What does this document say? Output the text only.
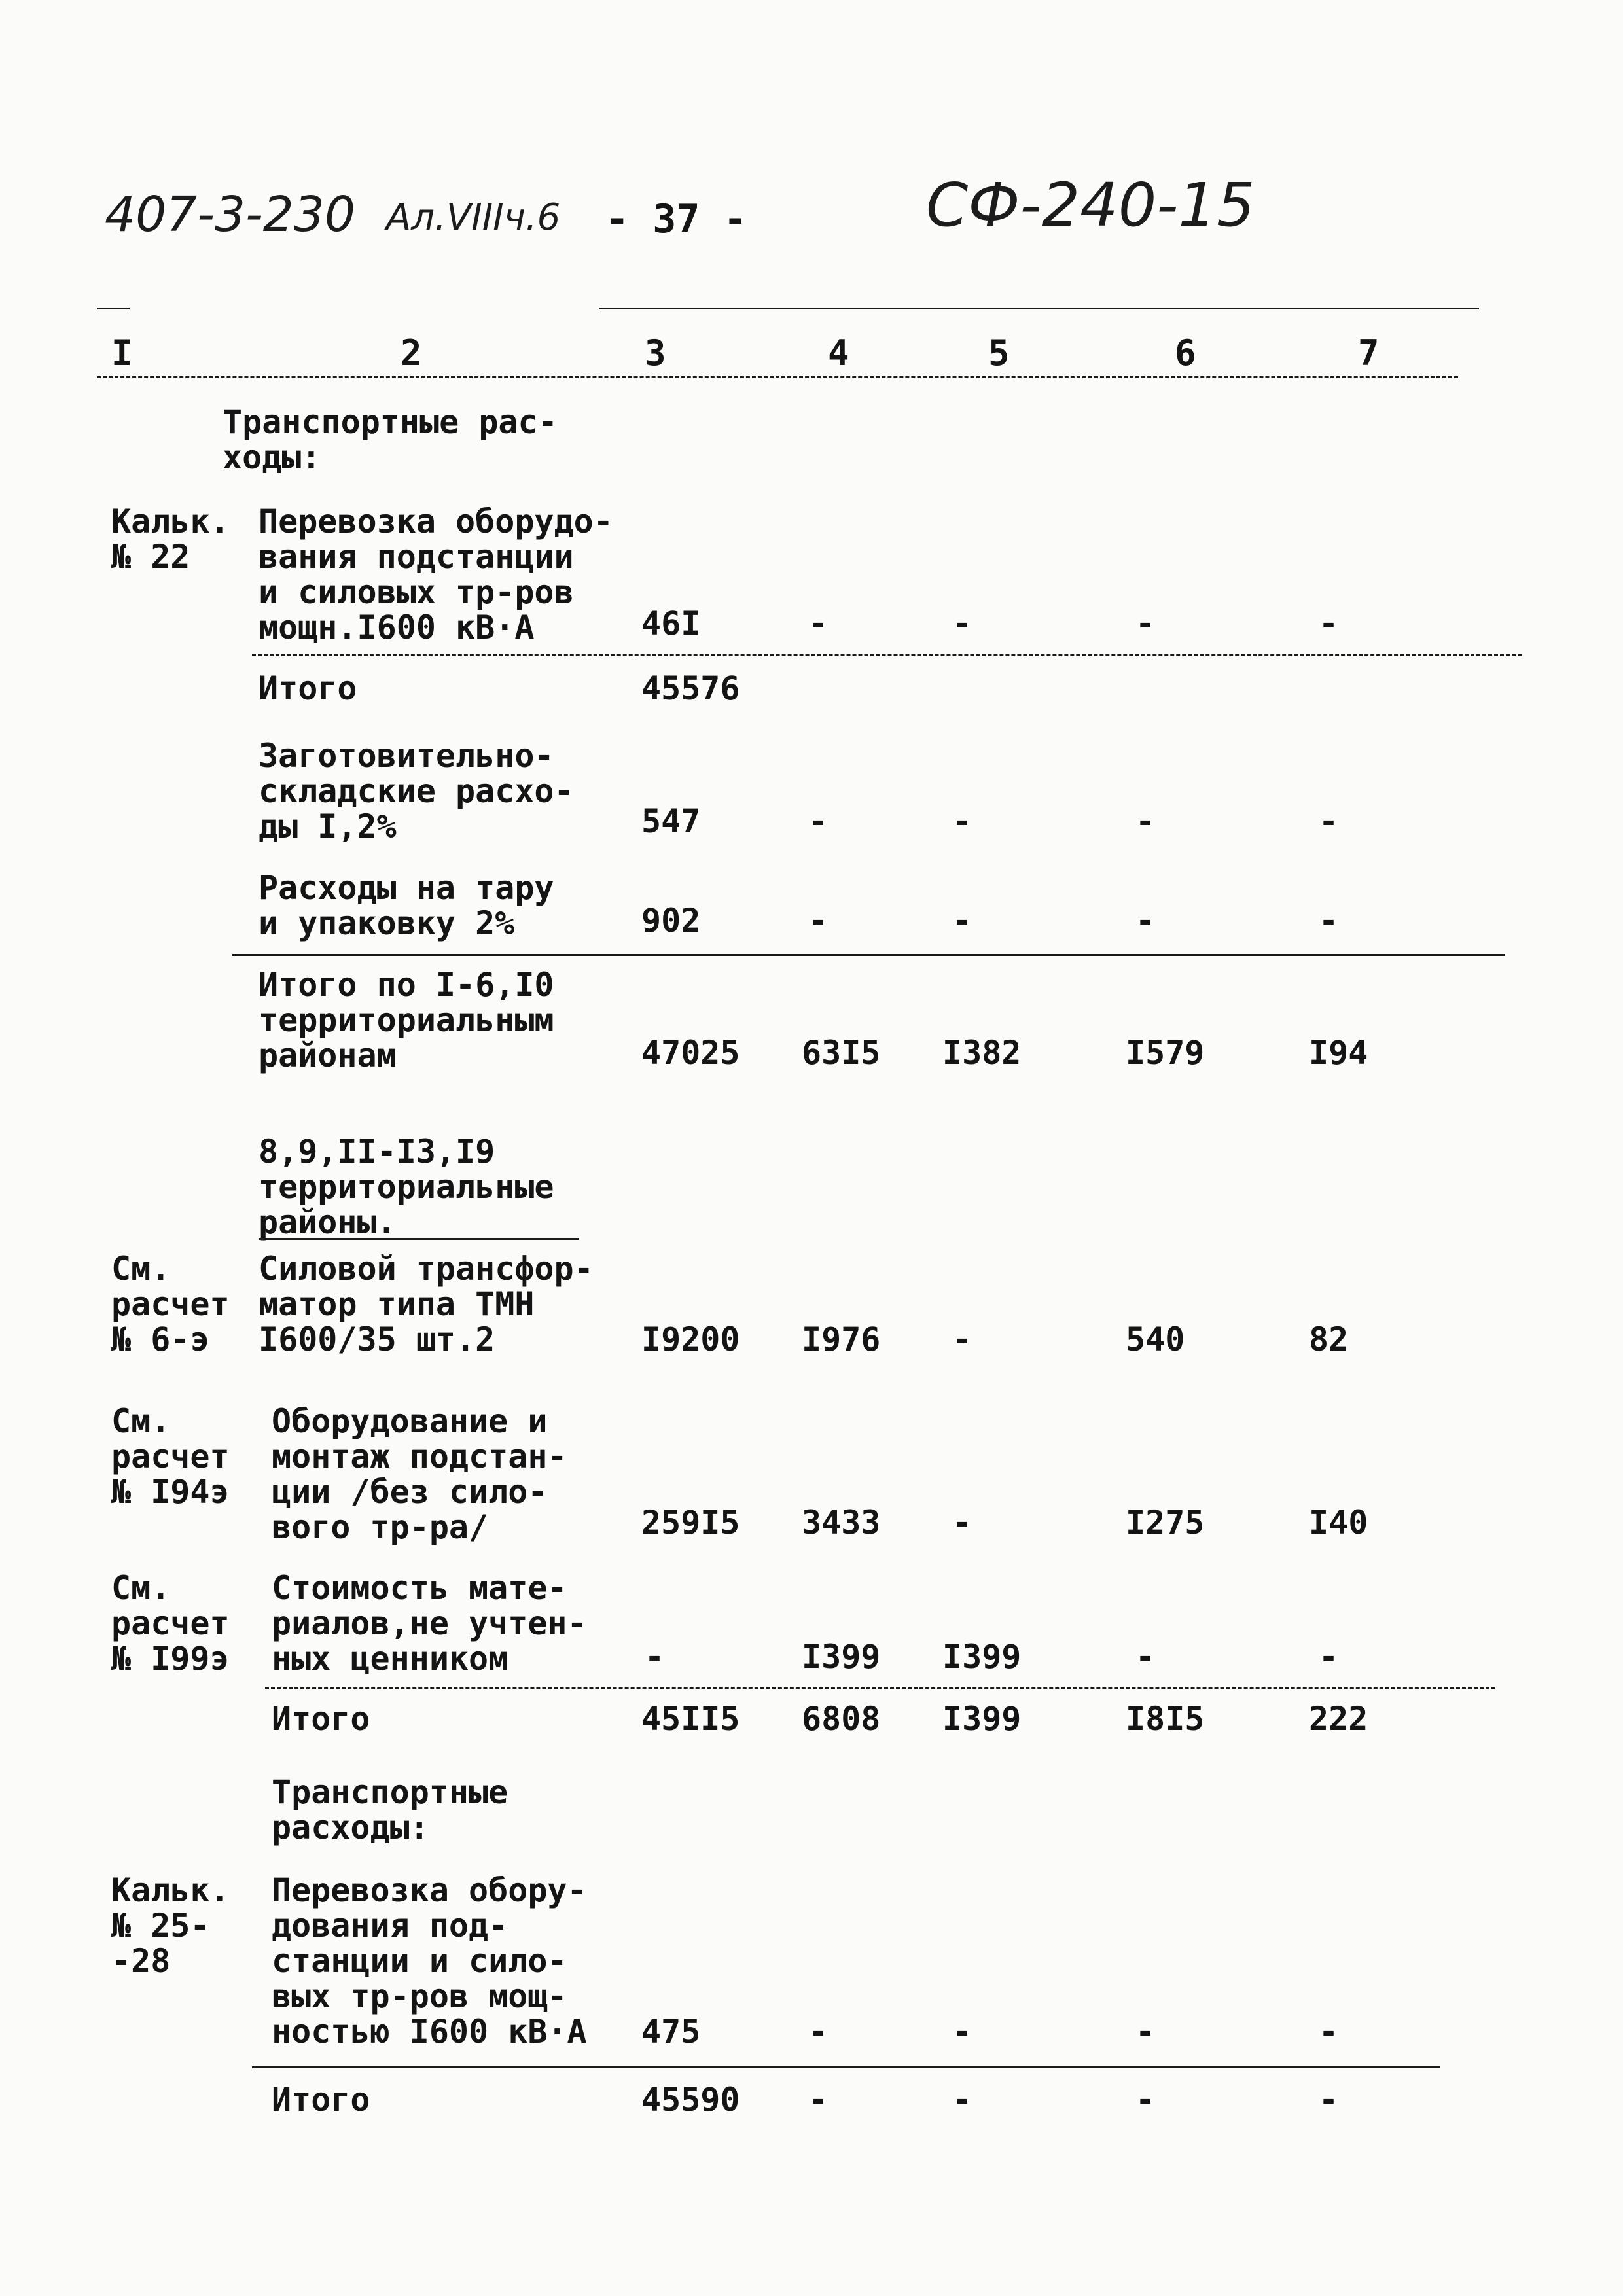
407-3-230 Ал.VIIIч.6 - 37 -	СФ-240-15
I	2	3	4	5	6	7
Транспортные рас-
ходы:
Кальк.
№ 22
Перевозка оборудо-
вания подстанции
и силовых тр-ров
мощн.I600 кВ·А	46I	-	-	-	-
Итого	45576
Заготовительно-
складские расхо-
ды I,2%	547	-	-	-	-
Расходы на тару
и упаковку 2%	902	-	-	-	-
Итого по I-6,I0
территориальным
районам	47025 63I5 I382	I579	I94
8,9,II-I3,I9
территориальные
районы.
См.
расчет
№ 6-э
Силовой трансфор-
матор типа ТМН
I600/35 шт.2	I9200 I976 -	540	82
См.
расчет
№ I94э
Оборудование и
монтаж подстан-
ции /без сило-
вого тр-ра/	259I5 3433 -	I275	I40
См.
расчет
№ I99э
Стоимость мате-
риалов,не учтен-
ных ценником	-	I399 I399	-	-
Итого	45II5 6808 I399	I8I5	222
Транспортные
расходы:
Кальк.
№ 25-
-28
Перевозка обору-
дования под-
станции и сило-
вых тр-ров мощ-
ностью I600 кВ·А 475	-	-	-	-
Итого	45590 -	-	-	-
